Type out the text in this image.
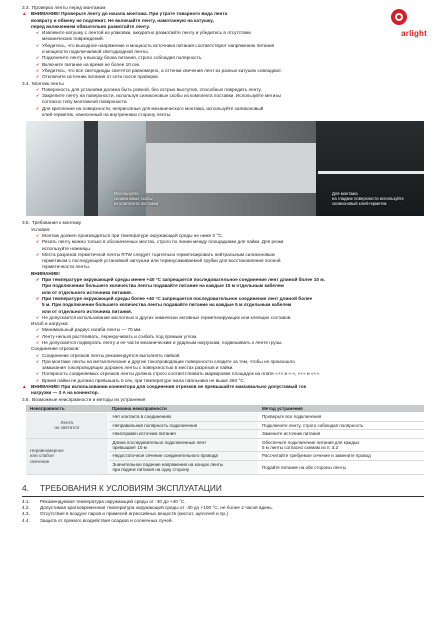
arlight
3.3. Проверка ленты перед монтажом
▲ ВНИМАНИЕ! Проверьте ленту до начала монтажа. При утрате товарного вида лента
возврату и обмену не подлежит. Не включайте ленту, намотанную на катушку,
перед включением обязательно размотайте ленту.
✔ Извлеките катушку с лентой из упаковки, аккуратно размотайте ленту и убедитесь в отсутствии
механических повреждений.
✔ Убедитесь, что выходное напряжение и мощность источника питания соответствуют напряжению питания
и мощности подключаемой светодиодной ленты.
✔ Подключите ленту к выходу блока питания, строго соблюдая полярность.
✔ Включите питание на время не более 10 сек.
✔ Убедитесь, что все светодиоды светятся равномерно, а оттенки свечения лент из разных катушек совпадают.
✔ Отключите источник питания от сети после проверки.
3.4. Монтаж ленты
✔ Поверхность для установки должна быть ровной, без острых выступов, способных повредить ленту.
✔ Закрепите ленту на поверхности, используя силиконовые скобы из комплекта поставки. Используйте метизы
согласно типу монтажной поверхности.
✔ Для крепления на поверхности, неприголные для механического монтажа, используйте силиконовый
клей-герметик, нанесенный на внутреннюю сторону ленты.
Используйте
силиконовые скобы
из комплекта поставки
Для монтажа
на гладкие поверхности используйте
силиконовый клей-герметик
3.5. Требования к монтажу
Условия:
✔ Монтаж должен производиться при температуре окружающей среды не ниже 0 °С.
✔ Резать ленту можно только в обозначенных местах, строго по линии между площадками для пайки. Для резки
используйте ножницы.
✔ Места разрезов герметичной ленты RTW следует тщательно герметизировать нейтральным силиконовым
герметиком с последующей установкой заглушки или термоусаживаемой трубки для восстановления полной
герметичности ленты.
ВНИМАНИЕ!
✔ При температуре окружающей среды менее +40 °С запрещается последовательное соединение лент длиной более 10 м.
При подключении большего количества ленты подавайте питание на каждые 10 м отдельным кабелем
или от отдельного источника питания.
✔ При температуре окружающей среды более +40 °С запрещается последовательное соединение лент длиной более
5 м. При подключении большего количества ленты подавайте питание на каждые 5 м отдельным кабелем
или от отдельного источника питания.
✔ Не допускается использование кислотных и других химически активных герметизирующих или клеящих составов.
Изгиб и нагрузка:
✔ Минимальный радиус изгиба ленты — 70 мм.
✔ Ленту нельзя растягивать, перекручивать и сгибать под прямым углом.
✔ Не допускается подвергать ленту и ее части механическим и ударным нагрузкам, подвешивать к ленте грузы.
Соединение отрезков:
✔ Соединение отрезков ленты рекомендуется выполнять пайкой.
✔ При монтаже ленты на металлические и другие токопроводящие поверхности следите за тем, чтобы не произошло
замыкания токопроводящих дорожек ленты с поверхностью в местах разрезов и пайки.
✔ Полярность соединяемых отрезков ленты должна строго соответствовать маркировке площадок на плате «+» и «-», «+» и «+».
✔ Время пайки не должно превышать 5 сек, при температуре жала паяльника не выше 260 °С.
▲ ВНИМАНИЕ! При использовании коннектора для соединения отрезков не превышайте максимально допустимый ток
нагрузки — 3 А на коннектор.
3.6. Возможные неисправности и методы их устранения
Неисправность	Причина неисправности	Метод устранения
Лента
не светится	Нет контакта в соединениях	Проверьте все подключения
	Неправильная полярность подключения	Подключите ленту, строго соблюдая полярность
	Неисправен источник питания	Замените источник питания
Неравномерное
или слабое
свечение	Длина последовательно подключенных лент
превышает 10 м	Обеспечьте подключение питания для каждых
5 м ленты согласно схемам из п. 3.2
	Недостаточное сечение соединительного провода	Рассчитайте требуемое сечение и замените провод
	Значительное падение напряжения на концах ленты
при подаче питания на одну сторону	Подайте питание на обе стороны ленты
4.	ТРЕБОВАНИЯ К УСЛОВИЯМ ЭКСПЛУАТАЦИИ
4.1.	Рекомендуемая температура окружающей среды от -30 до +40 °С.
4.2.	Допустимая кратковременная температура окружающей среды от -30 до +100 °С, не более 2 часов вдень.
4.3.	Отсутствие в воздухе паров и примесей агрессивных веществ (кислот, щелочей и пр.).
4.4.	Защита от прямого воздействия осадков и солнечных лучей.
